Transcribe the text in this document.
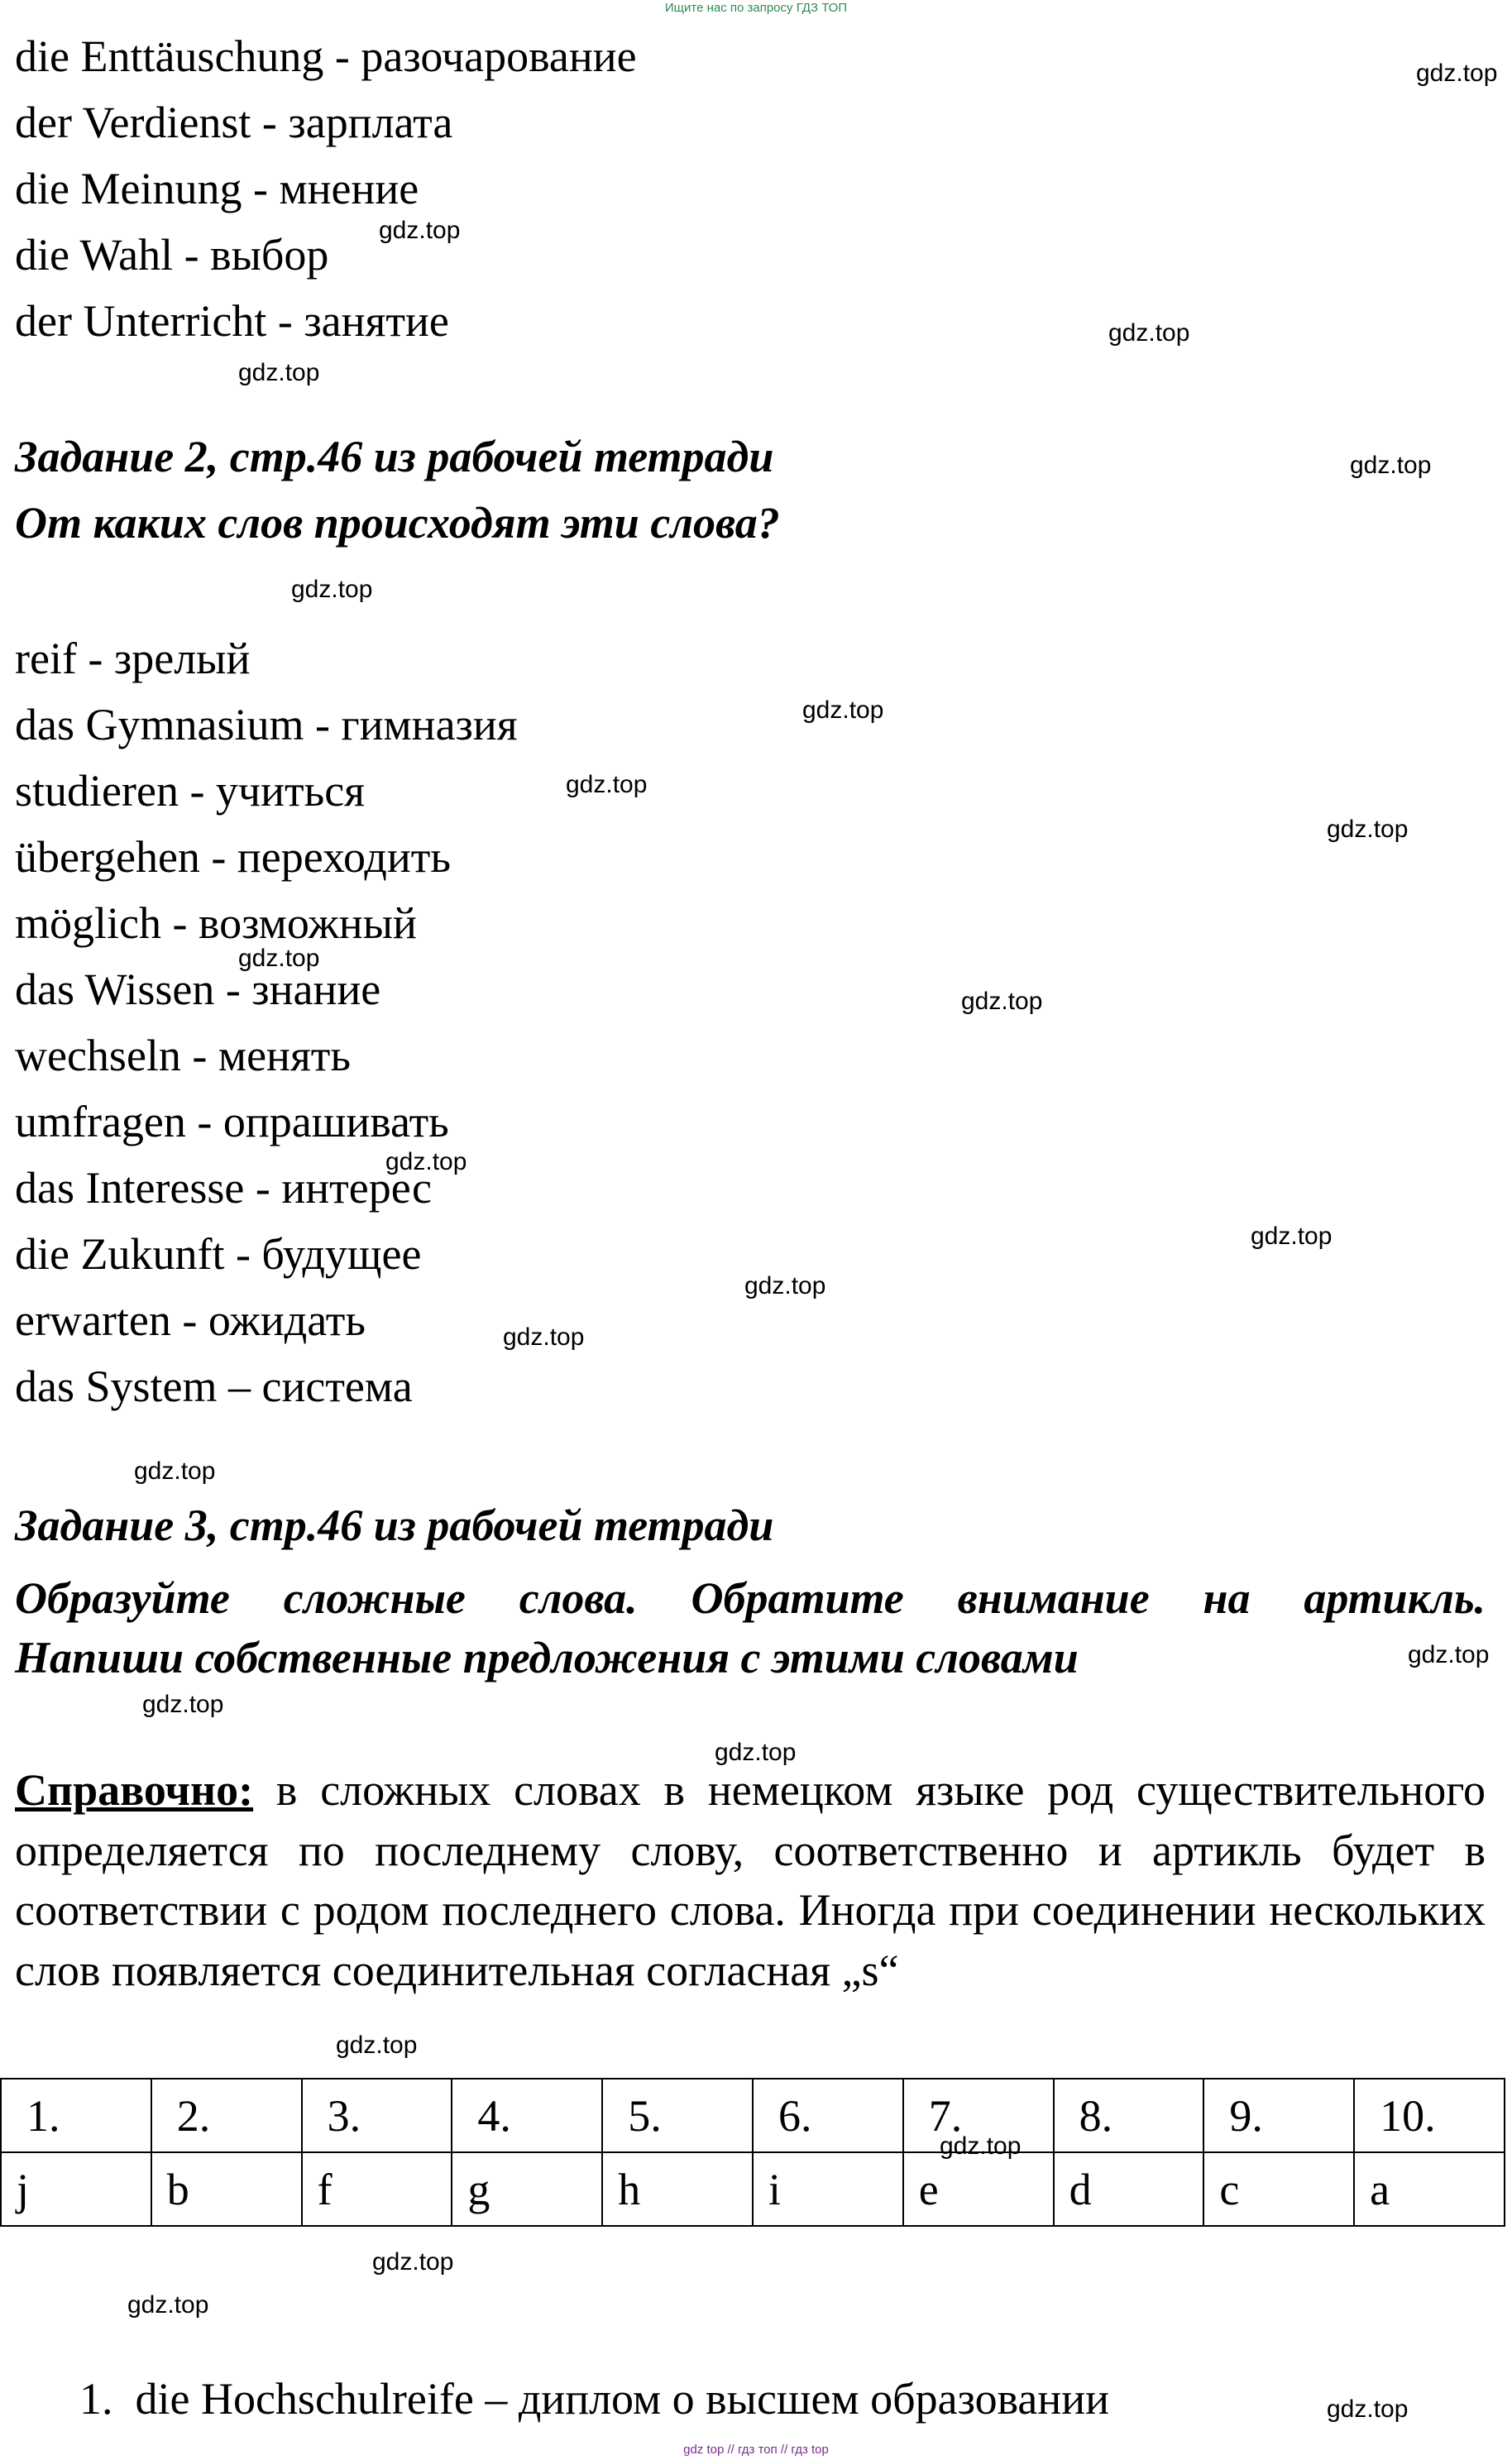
Ищите нас по запросу ГДЗ ТОП
die Enttäuschung - разочарование
der Verdienst - зарплата
die Meinung - мнение
die Wahl - выбор
der Unterricht - занятие
Задание 2, стр.46 из рабочей тетради
От каких слов происходят эти слова?
reif - зрелый
das Gymnasium - гимназия
studieren - учиться
übergehen - переходить
möglich - возможный
das Wissen - знание
wechseln - менять
umfragen - опрашивать
das Interesse - интерес
die Zukunft - будущее
erwarten - ожидать
das System – система
Задание 3, стр.46 из рабочей тетради
Образуйте сложные слова. Обратите внимание на артикль.
Напиши собственные предложения с этими словами
Справочно: в сложных словах в немецком языке род существительного определяется по последнему слову, соответственно и артикль будет в соответствии с родом последнего слова. Иногда при соединении нескольких слов появляется соединительная согласная „s“
1.	2.	3.	4.	5.	6.	7.	8.	9.	10.
j	b	f	g	h	i	e	d	c	a
1. die Hochschulreife – диплом о высшем образовании
gdz.top
gdz.top
gdz.top
gdz.top
gdz.top
gdz.top
gdz.top
gdz.top
gdz.top
gdz.top
gdz.top
gdz.top
gdz.top
gdz.top
gdz.top
gdz.top
gdz.top
gdz.top
gdz.top
gdz.top
gdz.top
gdz.top
gdz.top
gdz.top
gdz top // гдз топ // гдз top
